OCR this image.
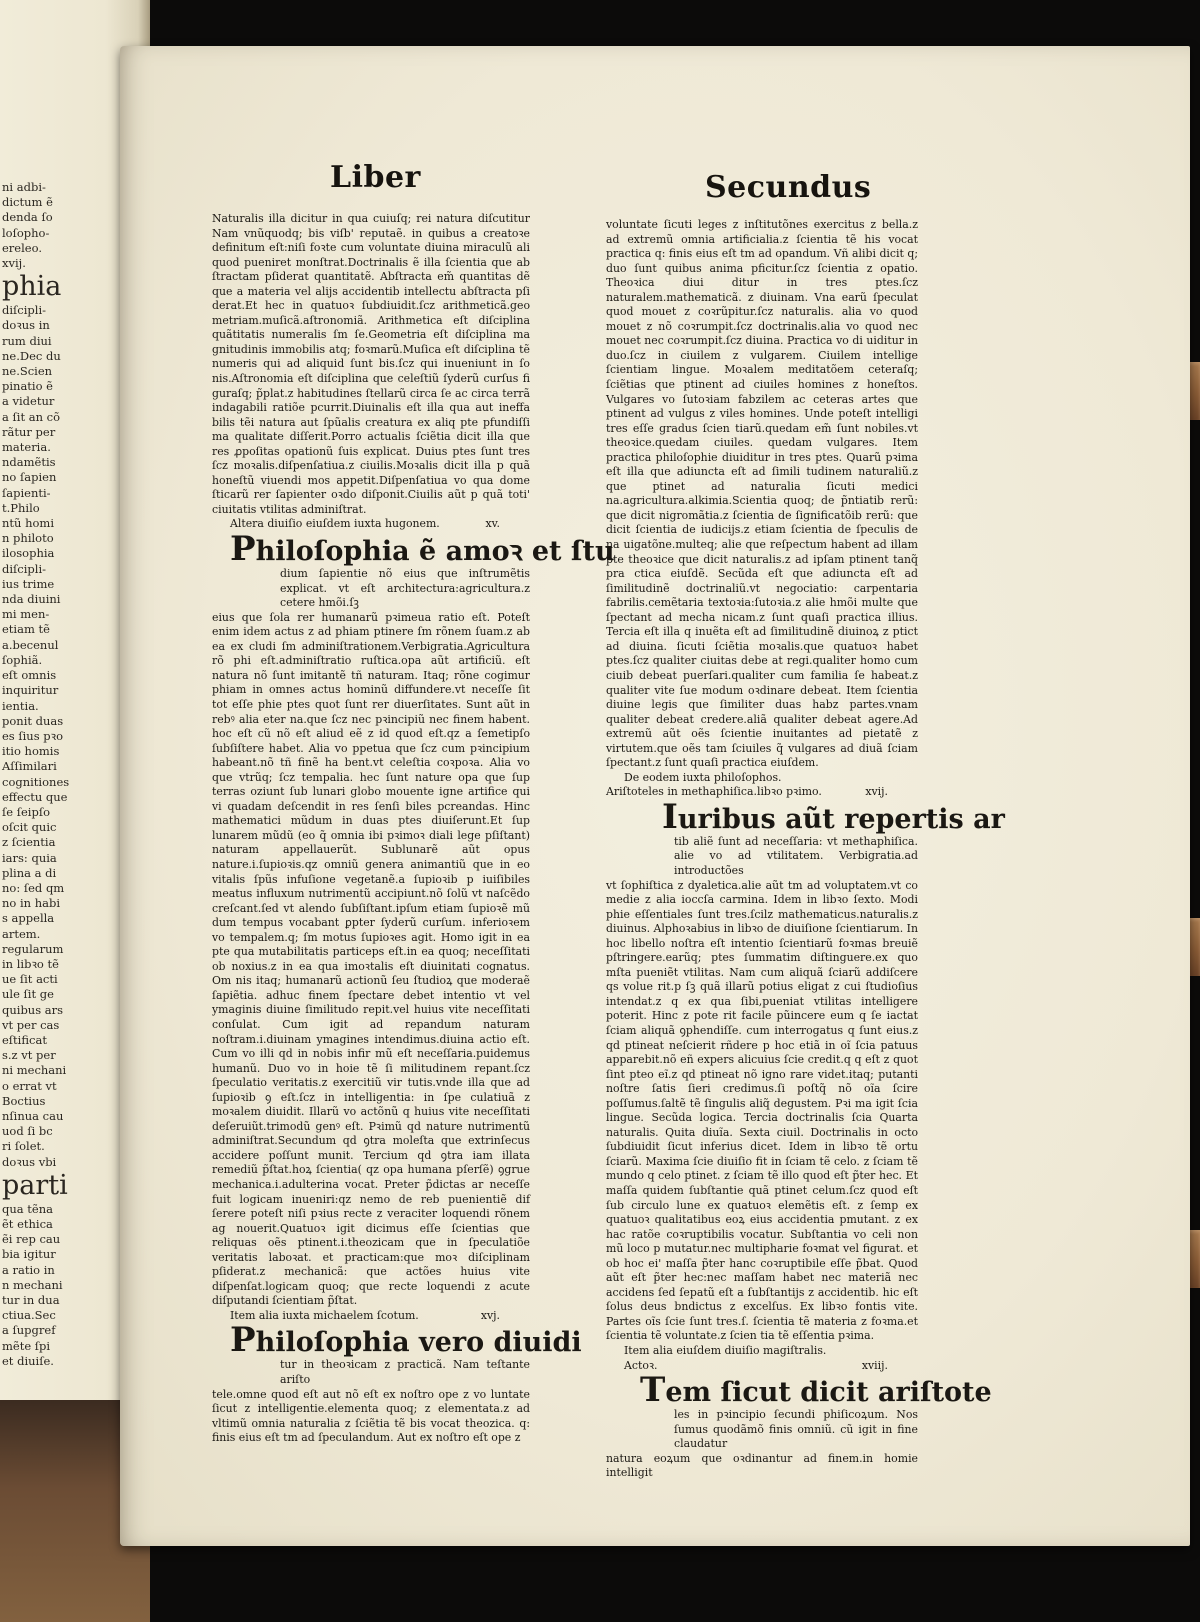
ni adbi-
dictum ẽ
denda ſo
loſopho-
ereleo.
xvij.
phia
diſcipli-
doꝛus in
rum diui
ne.Dec du
ne.Scien
pinatio ẽ
a videtur
a ſit an cõ
rãtur per
materia.
ndamẽtis
no ſapien
ſapienti-
t.Philo
ntũ homi
n philoto
ilosophia
diſcipli-
ius trime
nda diuini
mi men-
etiam tẽ
a.becenul
ſophiã.
eſt omnis
inquiritur
ientia.
ponit duas
es ſius pꝛo
itio homis
Aſſimilari
cognitiones
effectu que
ſe ſeipſo
oſcit quic
z ſcientia
iars: quia
plina a di
no: ſed qm
no in habi
s appella
artem.
regularum
in libꝛo tẽ
ue ſit acti
ule ſit ge
quibus ars
vt per cas
eſtificat
s.z vt per
ni mechani
o errat vt
Boctius
nſinua cau
uod ſi bc
ri ſolet.
doꝛus vbi
parti
qua tẽna
ẽt ethica
ẽi rep cau
bia igitur
a ratio in
n mechani
tur in dua
ctiua.Sec
a ſupgref
mẽte ſpi
et diuiſe.
Liber	Secundus

Naturalis illa dicitur in qua cuiuſq; rei natura diſcutitur Nam vnũquodq; bis viſb' reputaẽ. in quibus a creatoꝛe definitum eſt:niſi foꝛte cum voluntate diuina miraculũ ali quod pueniret monſtrat.Doctrinalis ẽ illa ſcientia que ab ſtractam pſiderat quantitatẽ. Abſtracta em̃ quantitas dẽ que a materia vel alijs accidentib intellectu abſtracta pſi derat.Et hec in quatuoꝛ ſubdiuidit.ſcz arithmeticã.geo metriam.muſicã.aſtronomiã. Arithmetica eſt diſciplina quãtitatis numeralis ſm ſe.Geometria eſt diſciplina ma gnitudinis immobilis atq; foꝛmarũ.Muſica eſt diſciplina tẽ numeris qui ad aliquid ſunt bis.ſcz qui inueniunt in ſo nis.Aſtronomia eſt diſciplina que celeſtiũ ſyderũ curſus fi guraſq; p̃plat.z habitudines ſtellarũ circa ſe ac circa terrã indagabili ratiõe pcurrit.Diuinalis eſt illa qua aut ineffa bilis tẽi natura aut ſpũalis creatura ex aliq pte pfundiſſi ma qualitate diſſerit.Porro actualis ſciẽtia dicit illa que res ꝓpoſitas opationũ ſuis explicat. Duius ptes ſunt tres ſcz moꝛalis.diſpenſatiua.z ciuilis.Moꝛalis dicit illa p quã honeſtũ viuendi mos appetit.Diſpenſatiua vo qua dome ſticarũ rer ſapienter oꝛdo diſponit.Ciuilis aũt p quã toti' ciuitatis vtilitas adminiſtrat.

Altera diuiſio eiuſdem iuxta hugonem.	xv.
Philoſophia ẽ amoꝛ et ſtu

dium ſapientie nõ eius que inſtrumẽtis explicat. vt eſt architectura:agricultura.z cetere hmõi.ſꝫ

eius que ſola rer humanarũ pꝛimeua ratio eſt. Poteſt enim idem actus z ad phiam ptinere ſm rõnem ſuam.z ab ea ex cludi ſm adminiſtrationem.Verbigratia.Agricultura rõ phi eſt.adminiſtratio ruſtica.opa aũt artificiũ. eſt natura nõ ſunt imitantẽ tñ naturam. Itaq; rõne cogimur phiam in omnes actus hominũ diffundere.vt neceſſe ſit tot eſſe phie ptes quot ſunt rer diuerſitates. Sunt aũt in rebꝰ alia eter na.que ſcz nec pꝛincipiũ nec finem habent. hoc eſt cũ nõ eſt aliud eẽ z id quod eſt.qz a ſemetipſo ſubſiſtere habet. Alia vo ppetua que ſcz cum pꝛincipium habeant.nõ tñ finẽ ha bent.vt celeſtia coꝛpoꝛa. Alia vo que vtrũq; ſcz tempalia. hec ſunt nature opa que ſup terras oziunt ſub lunari globo mouente igne artifice qui vi quadam deſcendit in res ſenſi biles pcreandas. Hinc mathematici mũdum in duas ptes diuiſerunt.Et ſup lunarem mũdũ (eo q̃ omnia ibi pꝛimoꝛ diali lege pſiſtant) naturam appellauerũt. Sublunarẽ aũt opus nature.i.ſupioꝛis.qz omniũ genera animantiũ que in eo vitalis ſpũs infuſione vegetanẽ.a ſupioꝛib p iuiſibiles meatus influxum nutrimentũ accipiunt.nõ ſolũ vt naſcẽdo creſcant.ſed vt alendo ſubſiſtant.ipſum etiam ſupioꝛẽ mũ dum tempus vocabant ꝑpter ſyderũ curſum. inferioꝛem vo tempalem.q; ſm motus ſupioꝛes agit. Homo igit in ea pte qua mutabilitatis particeps eſt.in ea quoq; neceſſitati ob noxius.z in ea qua imoꝛtalis eſt diuinitati cognatus. Om nis itaq; humanarũ actionũ ſeu ſtudioꝝ que moderaẽ ſapiẽtia. adhuc finem ſpectare debet intentio vt vel ymaginis diuine ſimilitudo repit.vel huius vite neceſſitati conſulat. Cum igit ad repandum naturam noſtram.i.diuinam ymagines intendimus.diuina actio eſt. Cum vo illi qd in nobis infir mũ eſt neceſſaria.puidemus humanũ. Duo vo in hoie tẽ ſi militudinem repant.ſcz ſpeculatio veritatis.z exercitiũ vir tutis.vnde illa que ad ſupioꝛib ꝯ eſt.ſcz in intelligentia: in ſpe culatiuã z moꝛalem diuidit. Illarũ vo actõnũ q huius vite neceſſitati deſeruiũt.trimodũ genꝰ eſt. Pꝛimũ qd nature nutrimentũ adminiſtrat.Secundum qd ꝯtra moleſta que extrinſecus accidere poſſunt munit. Tercium qd ꝯtra iam illata remediũ p̃ſtat.hoꝝ ſcientia( qz opa humana pſerſẽ) ꝯgrue mechanica.i.adulterina vocat. Preter p̃dictas ar neceſſe fuit logicam inueniri:qz nemo de reb puenientiẽ dif ſerere poteſt niſi pꝛius recte z veraciter loquendi rõnem ag nouerit.Quatuoꝛ igit dicimus eſſe ſcientias que reliquas oẽs ptinent.i.theozicam que in ſpeculatiõe veritatis laboꝛat. et practicam:que moꝛ diſciplinam pſiderat.z mechanicã: que actões huius vite diſpenſat.logicam quoq; que recte loquendi z acute diſputandi ſcientiam p̃ſtat.

Item alia iuxta michaelem ſcotum.	xvj.
Philoſophia vero diuidi

tur in theoꝛicam z practicã. Nam teſtante ariſto

tele.omne quod eſt aut nõ eſt ex noſtro ope z vo luntate ſicut z intelligentie.elementa quoq; z elementata.z ad vltimũ omnia naturalia z ſciẽtia tẽ bis vocat theozica. q: finis eius eſt tm ad ſpeculandum. Aut ex noſtro eſt ope z

voluntate ſicuti leges z inſtitutõnes exercitus z bella.z ad extremũ omnia artificialia.z ſcientia tẽ his vocat practica q: finis eius eſt tm ad opandum. Vñ alibi dicit q; duo ſunt quibus anima pficitur.ſcz ſcientia z opatio. Theoꝛica diui ditur in tres ptes.ſcz naturalem.mathematicã. z diuinam. Vna earũ ſpeculat quod mouet z coꝛrũpitur.ſcz naturalis. alia vo quod mouet z nõ coꝛrumpit.ſcz doctrinalis.alia vo quod nec mouet nec coꝛrumpit.ſcz diuina. Practica vo di uiditur in duo.ſcz in ciuilem z vulgarem. Ciuilem intellige ſcientiam lingue. Moꝛalem meditatõem ceteraſq; ſciẽtias que ptinent ad ciuiles homines z honeſtos. Vulgares vo ſutoꝛiam fabzilem ac ceteras artes que ptinent ad vulgus z viles homines. Unde poteſt intelligi tres eſſe gradus ſcien tiarũ.quedam em̃ ſunt nobiles.vt theoꝛice.quedam ciuiles. quedam vulgares. Item practica philoſophie diuiditur in tres ptes. Quarũ pꝛima eſt illa que adiuncta eſt ad ſimili tudinem naturaliũ.z que ptinet ad naturalia ſicuti medici na.agricultura.alkimia.Scientia quoq; de p̃ntiatib rerũ: que dicit nigromãtia.z ſcientia de ſignificatõib rerũ: que dicit ſcientia de iudicijs.z etiam ſcientia de ſpeculis de na uigatõne.multeq; alie que reſpectum habent ad illam pte theoꝛice que dicit naturalis.z ad ipſam ptinent tanq̃ pra ctica eiuſdẽ. Secũda eſt que adiuncta eſt ad ſimilitudinẽ doctrinaliũ.vt negociatio: carpentaria fabrilis.cemẽtaria textoꝛia:ſutoꝛia.z alie hmõi multe que ſpectant ad mecha nicam.z ſunt quaſi practica illius. Tercia eſt illa q inuẽta eſt ad ſimilitudinẽ diuinoꝝ z ptict ad diuina. ſicuti ſciẽtia moꝛalis.que quatuoꝛ habet ptes.ſcz qualiter ciuitas debe at regi.qualiter homo cum ciuib debeat puerſari.qualiter cum familia ſe habeat.z qualiter vite ſue modum oꝛdinare debeat. Item ſcientia diuine legis que ſimiliter duas habz partes.vnam qualiter debeat credere.aliã qualiter debeat agere.Ad extremũ aũt oẽs ſcientie inuitantes ad pietatẽ z virtutem.que oẽs tam ſciuiles q̃ vulgares ad diuã ſciam ſpectant.z ſunt quaſi practica eiuſdem.

De eodem iuxta philoſophos.
Ariſtoteles in methaphiſica.libꝛo pꝛimo.	xvij.
Iuribus aũt repertis ar

tib aliẽ ſunt ad neceſſaria: vt methaphiſica. alie vo ad vtilitatem. Verbigratia.ad introductões

vt ſophiſtica z dyaletica.alie aũt tm ad voluptatem.vt co medie z alia ioccſa carmina. Idem in libꝛo ſexto. Modi phie eſſentiales ſunt tres.ſcilz mathematicus.naturalis.z diuinus. Alphoꝛabius in libꝛo de diuiſione ſcientiarum. In hoc libello noſtra eſt intentio ſcientiarũ foꝛmas breuiẽ pſtringere.earũq; ptes ſummatim diſtinguere.ex quo mſta pueniẽt vtilitas. Nam cum aliquã ſciarũ addiſcere qs volue rit.p ſꝫ quã illarũ potius eligat z cui ſtudioſius intendat.z q ex qua ſibi,pueniat vtilitas intelligere poterit. Hinc z pote rit facile pũincere eum q ſe iactat ſciam aliquã ꝯphendiſſe. cum interrogatus q ſunt eius.z qd ptineat neſcierit rñdere p hoc etiã in oĩ ſcia patuus apparebit.nõ eñ expers alicuius ſcie credit.q q eſt z quot ſint pteo eĩ.z qd ptineat nõ igno rare videt.itaq; putanti noſtre ſatis ſieri credimus.ſi poſtq̃ nõ oĩa ſcire poſſumus.ſaltẽ tẽ ſingulis aliq̃ degustem. Pꝛi ma igit ſcia lingue. Secũda logica. Tercia doctrinalis ſcia Quarta naturalis. Quita diuĩa. Sexta ciuil. Doctrinalis in octo ſubdiuidit ſicut inferius dicet. Idem in libꝛo tẽ ortu ſciarũ. Maxima ſcie diuiſio fit in ſciam tẽ celo. z ſciam tẽ mundo q celo ptinet. z ſciam tẽ illo quod eſt p̃ter hec. Et maſſa quidem ſubſtantie quã ptinet celum.ſcz quod eſt ſub circulo lune ex quatuoꝛ elemẽtis eſt. z ſemp ex quatuoꝛ qualitatibus eoꝝ eius accidentia pmutant. z ex hac ratõe coꝛruptibilis vocatur. Subſtantia vo celi non mũ loco p mutatur.nec multipharie foꝛmat vel figurat. et ob hoc ei' maſſa p̃ter hanc coꝛruptibile eſſe p̃bat. Quod aũt eſt p̃ter hec:nec maſſam habet nec materiã nec accidens ſed ſepatũ eſt a ſubſtantijs z accidentib. hic eſt ſolus deus bndictus z excelſus. Ex libꝛo fontis vite. Partes oĩs ſcie ſunt tres.ſ. ſcientia tẽ materia z foꝛma.et ſcientia tẽ voluntate.z ſcien tia tẽ eſſentia pꝛima.

Item alia eiuſdem diuiſio magiſtralis.
Actoꝛ.	xviij.
Tem ſicut dicit ariſtote

les in pꝛincipio ſecundi phiſicoꝝum. Nos ſumus quodãmõ finis omniũ. cũ igit in fine claudatur

natura eoꝝum que oꝛdinantur ad finem.in homie intelligit
